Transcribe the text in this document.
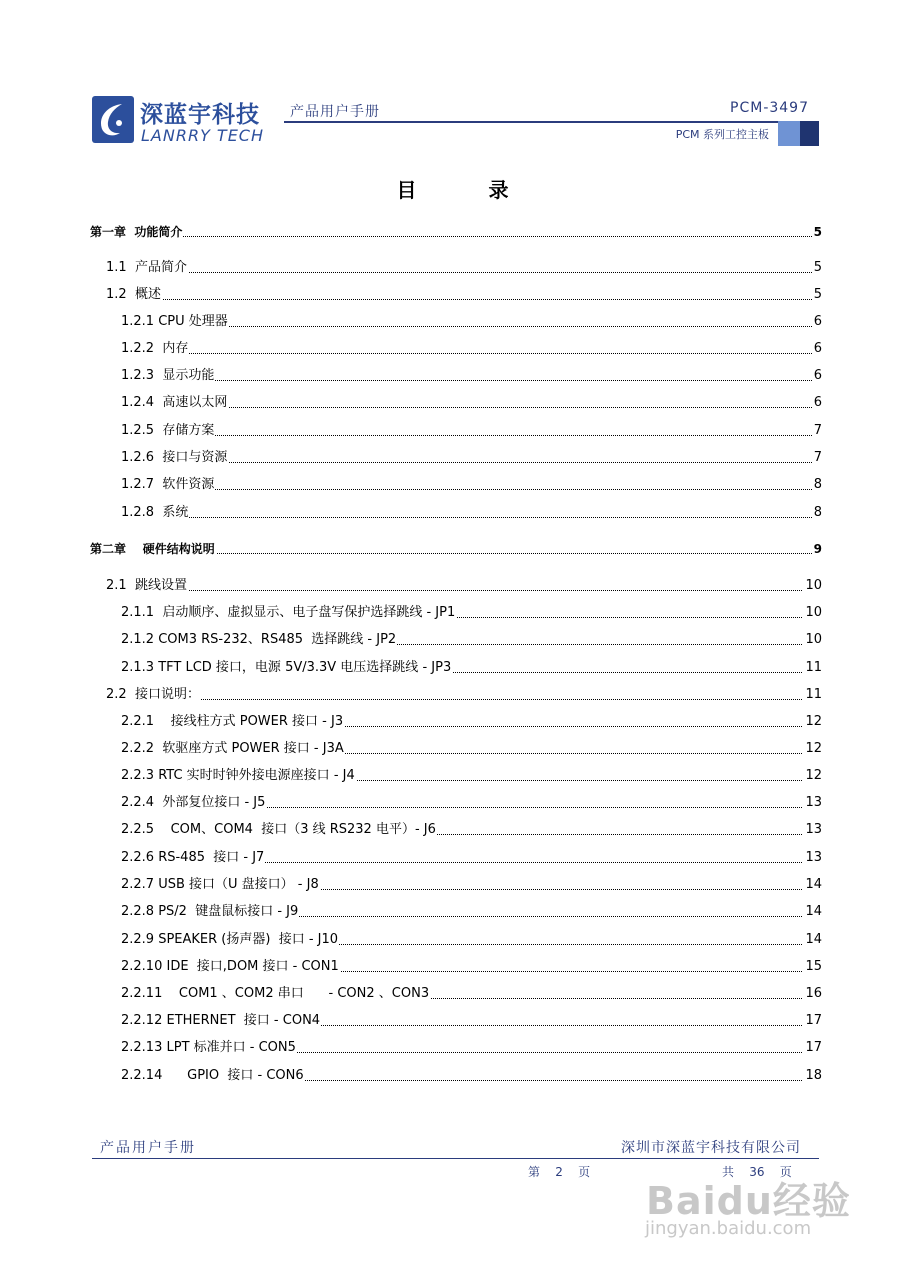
深蓝宇科技
LANRRY TECH
产品用户手册	PCM-3497
PCM 系列工控主板
目录
第一章  功能简介	5
1.1  产品简介	5
1.2  概述	5
1.2.1 CPU 处理器	6
1.2.2  内存	6
1.2.3  显示功能	6
1.2.4  高速以太网	6
1.2.5  存储方案	7
1.2.6  接口与资源	7
1.2.7  软件资源	8
1.2.8  系统	8
第二章    硬件结构说明	9
2.1  跳线设置	10
2.1.1  启动顺序、虚拟显示、电子盘写保护选择跳线 - JP1	10
2.1.2 COM3 RS-232、RS485  选择跳线 - JP2	10
2.1.3 TFT LCD 接口，电源 5V/3.3V 电压选择跳线 - JP3	11
2.2  接口说明：	11
2.2.1    接线柱方式 POWER 接口 - J3	12
2.2.2  软驱座方式 POWER 接口 - J3A	12
2.2.3 RTC 实时时钟外接电源座接口 - J4	12
2.2.4  外部复位接口 - J5	13
2.2.5    COM、COM4  接口（3 线 RS232 电平）- J6	13
2.2.6 RS-485  接口 - J7	13
2.2.7 USB 接口（U 盘接口） - J8	14
2.2.8 PS/2  键盘鼠标接口 - J9	14
2.2.9 SPEAKER (扬声器)  接口 - J10	14
2.2.10 IDE  接口,DOM 接口 - CON1	15
2.2.11    COM1 、COM2 串口      - CON2 、CON3	16
2.2.12 ETHERNET  接口 - CON4	17
2.2.13 LPT 标准并口 - CON5	17
2.2.14      GPIO  接口 - CON6	18
产品用户手册	深圳市深蓝宇科技有限公司
第    2    页	共    36    页
Baidu经验
jingyan.baidu.com
